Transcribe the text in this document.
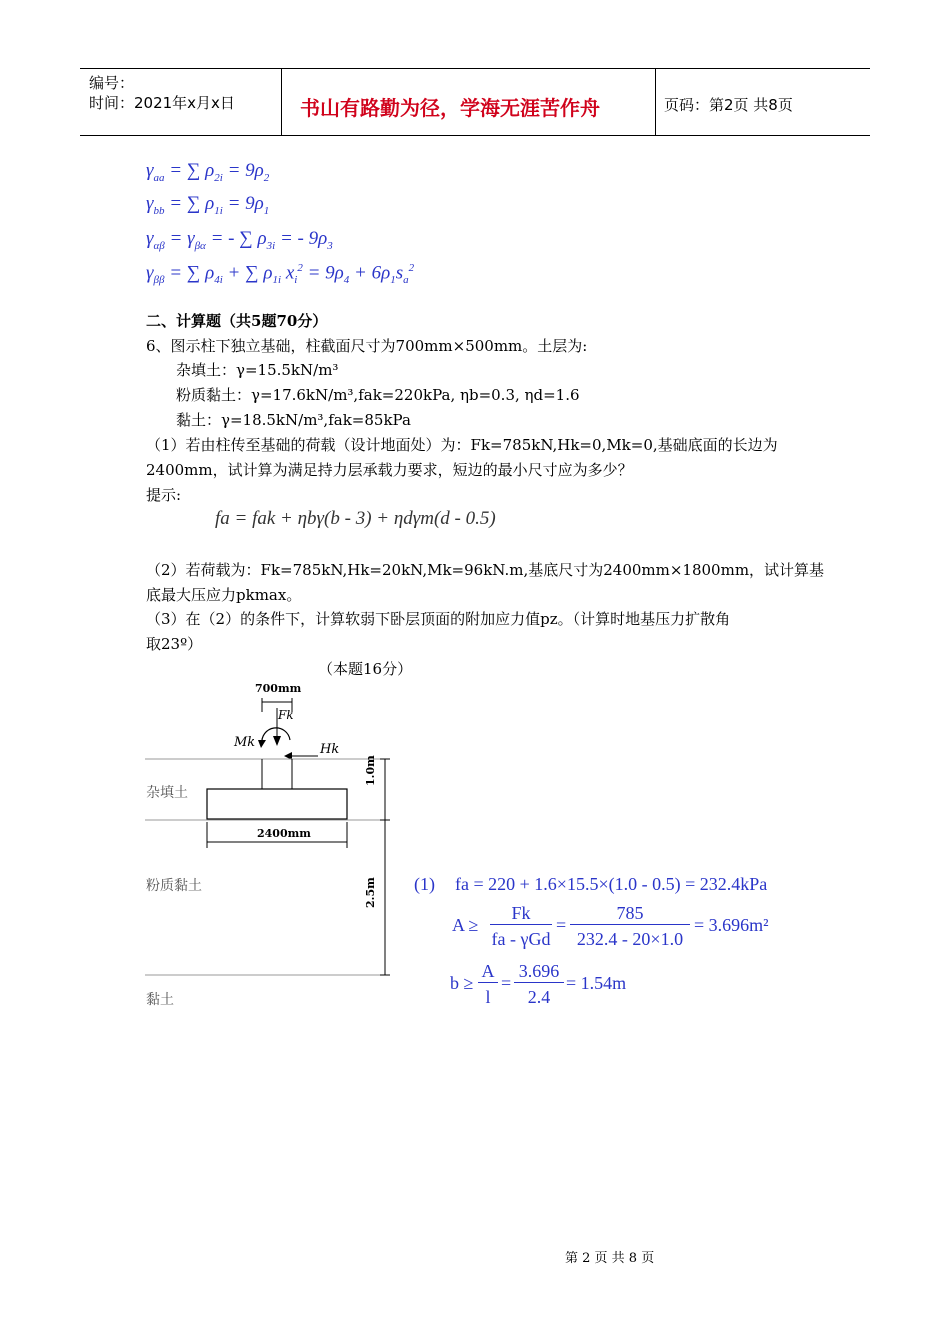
编号：
时间：2021年x月x日	书山有路勤为径，学海无涯苦作舟	页码：第2页 共8页
$\gamma_{aa}$ = ∑ $\rho_{2i} = 9\rho_2$
$\gamma_{bb}$ = ∑ $\rho_{1i} = 9\rho_1$
$\gamma_{\alpha\beta} = \gamma_{\beta\alpha}$ = - ∑ $\rho_{3i}$ = - $9\rho_3$
$\gamma_{\beta\beta}$ = ∑ $\rho_{4i}$ + ∑ $\rho_{1i}$ $x_i^2 = 9\rho_4 + 6\rho_1s_a^2$
二、计算题（共5题70分）
6、图示柱下独立基础，柱截面尺寸为700mm×500mm。土层为:
杂填土：γ=15.5kN/m³
粉质黏土：γ=17.6kN/m³,fak=220kPa, ηb=0.3, ηd=1.6
黏土：γ=18.5kN/m³,fak=85kPa
（1）若由柱传至基础的荷载（设计地面处）为：Fk=785kN,Hk=0,Mk=0,基础底面的长边为
2400mm，试计算为满足持力层承载力要求，短边的最小尺寸应为多少？
提示:
fa = fak + ηbγ(b - 3) + ηdγm(d - 0.5)
（2）若荷载为：Fk=785kN,Hk=20kN,Mk=96kN.m,基底尺寸为2400mm×1800mm，试计算基
底最大压应力pkmax。
（3）在（2）的条件下，计算软弱下卧层顶面的附加应力值pz。（计算时地基压力扩散角
取23º）
（本题16分）
700mm
Fk
Mk	Hk
杂填土
2400mm
粉质黏土
黏土
1.0m
2.5m (1) fa = 220 + 1.6×15.5×(1.0 - 0.5) = 232.4kPa
A ≥
Fk
fa - γGd
=
785
232.4 - 20×1.0
= 3.696m²
b ≥
A
l
=
3.696
2.4
= 1.54m
第 2 页 共 8 页
